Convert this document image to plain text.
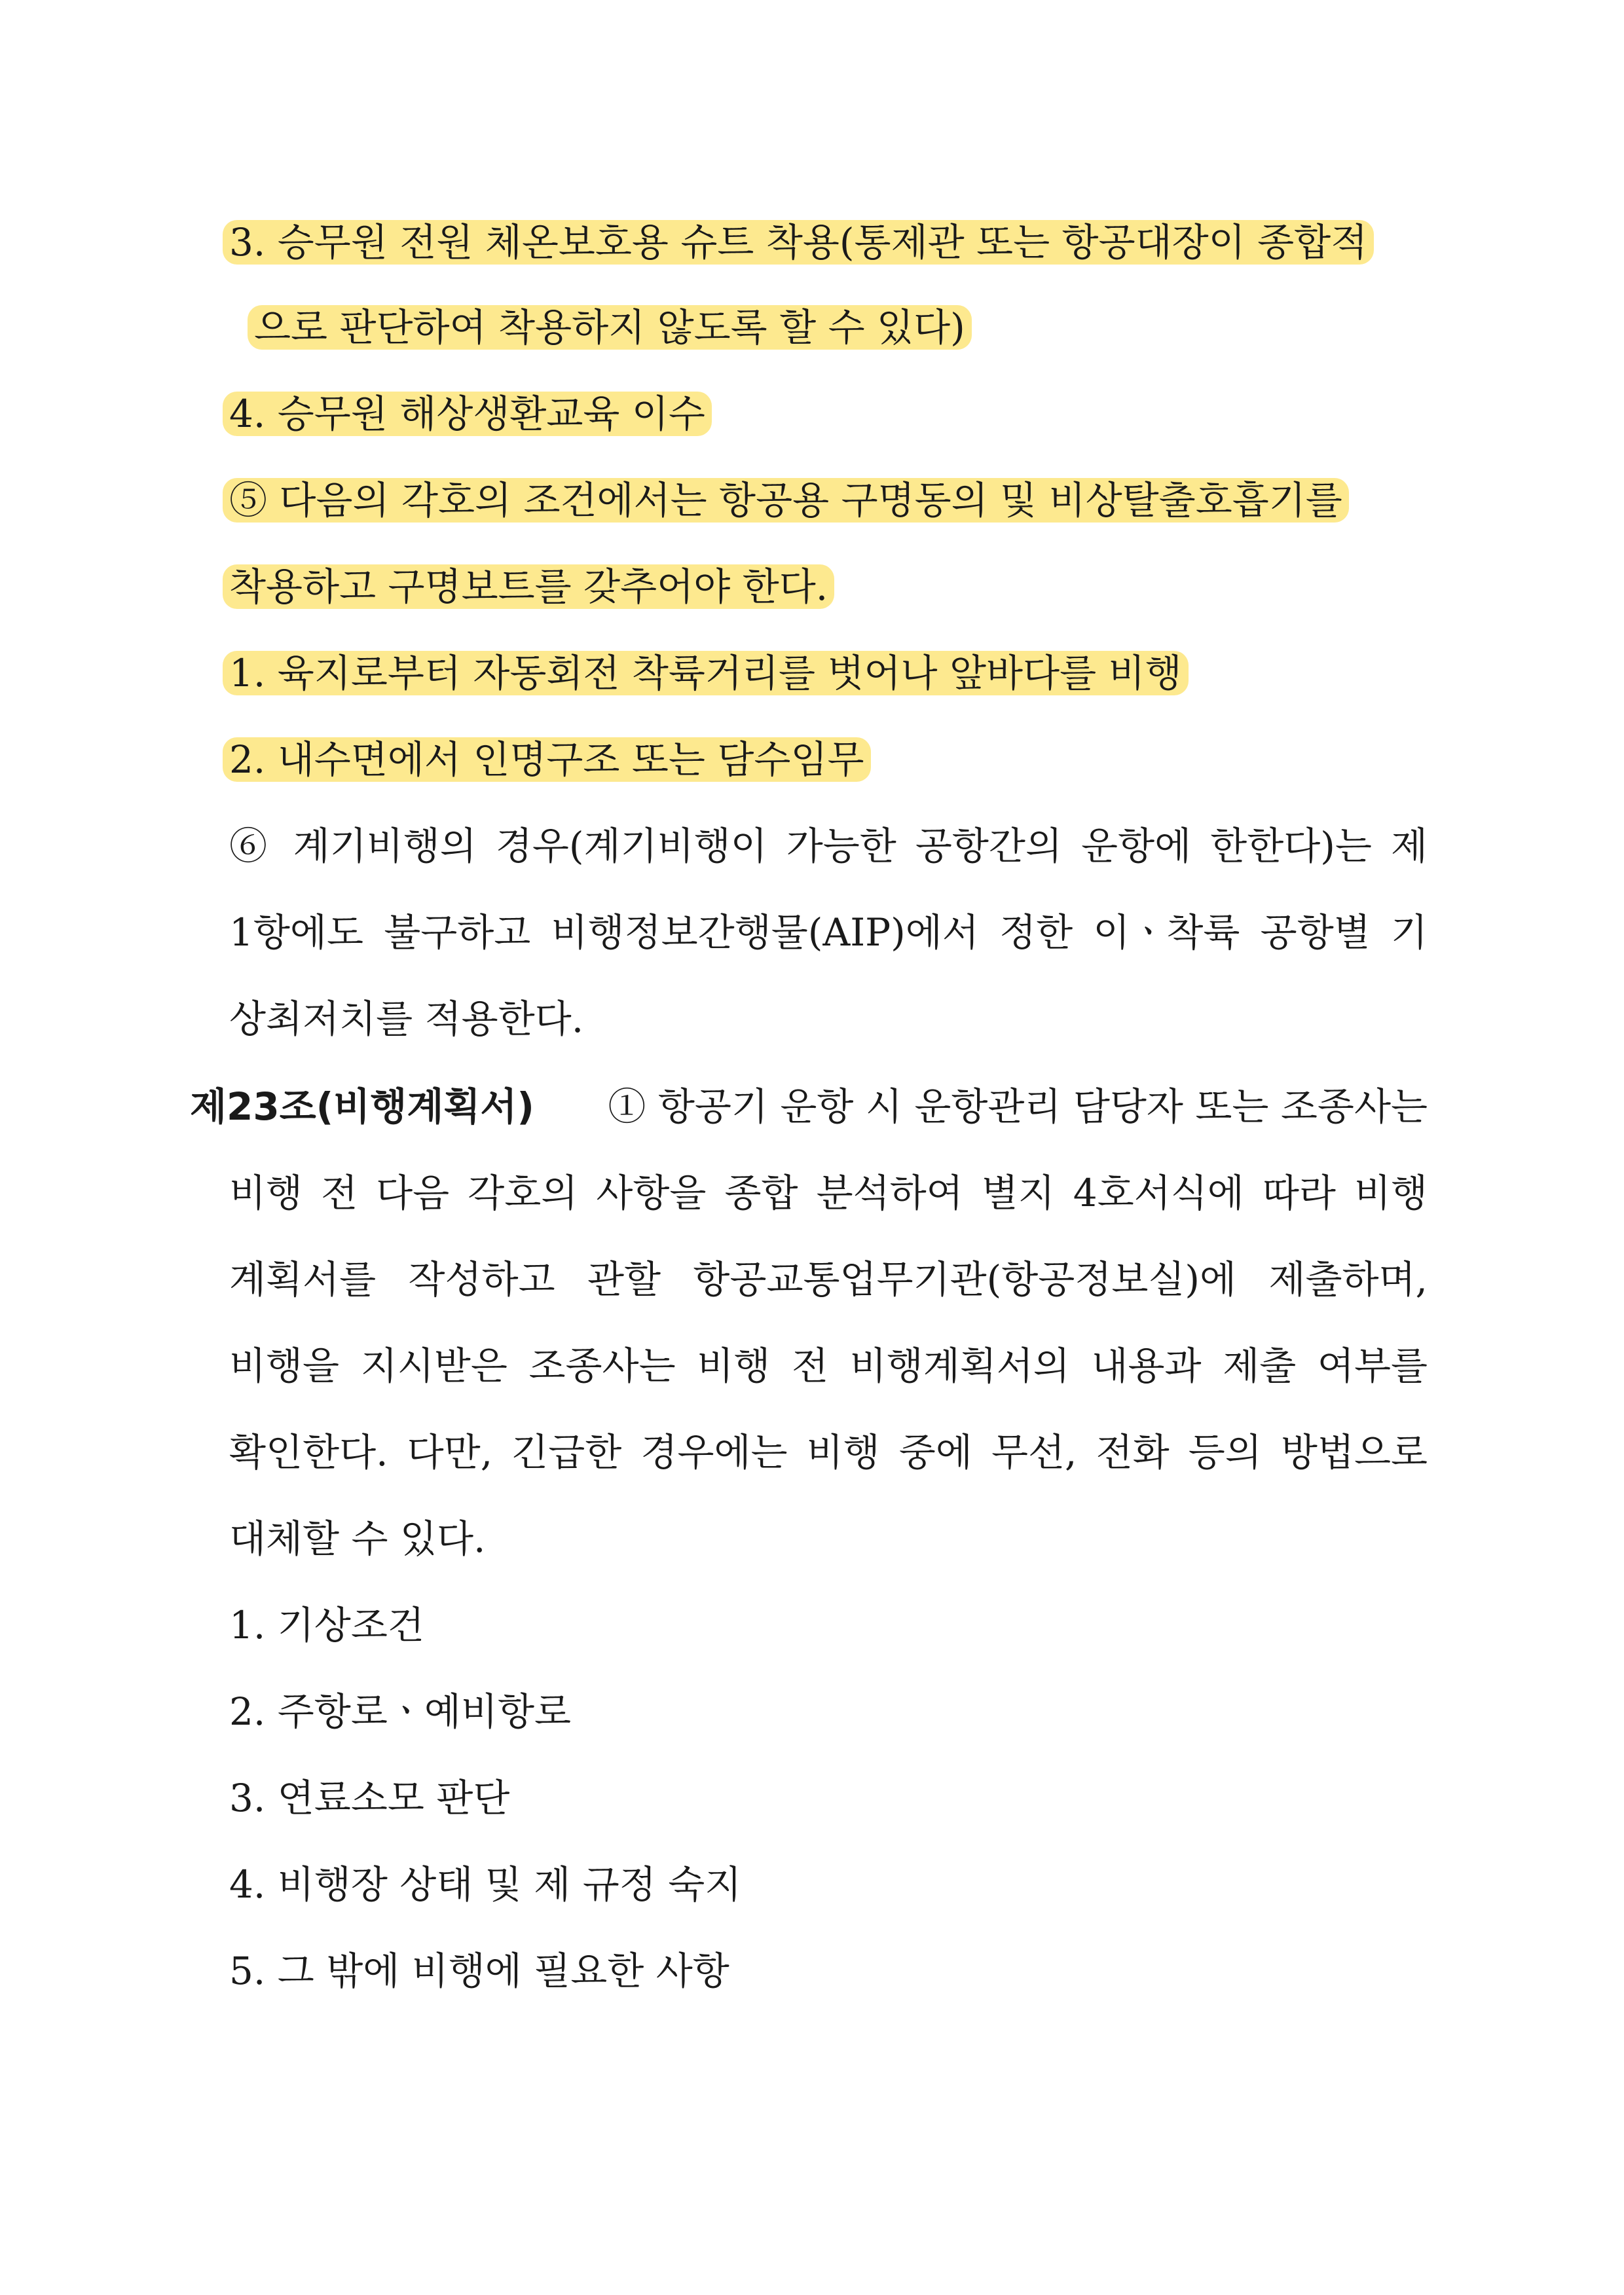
3. 승무원 전원 체온보호용 슈트 착용(통제관 또는 항공대장이 종합적
으로 판단하여 착용하지 않도록 할 수 있다)
4. 승무원 해상생환교육 이수
⑤ 다음의 각호의 조건에서는 항공용 구명동의 및 비상탈출호흡기를
착용하고 구명보트를 갖추어야 한다.
1. 육지로부터 자동회전 착륙거리를 벗어나 앞바다를 비행
2. 내수면에서 인명구조 또는 담수임무
⑥ 계기비행의 경우(계기비행이 가능한 공항간의 운항에 한한다)는 제
1항에도 불구하고 비행정보간행물(AIP)에서 정한 이ㆍ착륙 공항별 기
상최저치를 적용한다.
제23조(비행계획서) ① 항공기 운항 시 운항관리 담당자 또는 조종사는
비행 전 다음 각호의 사항을 종합 분석하여 별지 4호서식에 따라 비행
계획서를 작성하고 관할 항공교통업무기관(항공정보실)에 제출하며,
비행을 지시받은 조종사는 비행 전 비행계획서의 내용과 제출 여부를
확인한다. 다만, 긴급한 경우에는 비행 중에 무선, 전화 등의 방법으로
대체할 수 있다.
1. 기상조건
2. 주항로ㆍ예비항로
3. 연료소모 판단
4. 비행장 상태 및 제 규정 숙지
5. 그 밖에 비행에 필요한 사항
